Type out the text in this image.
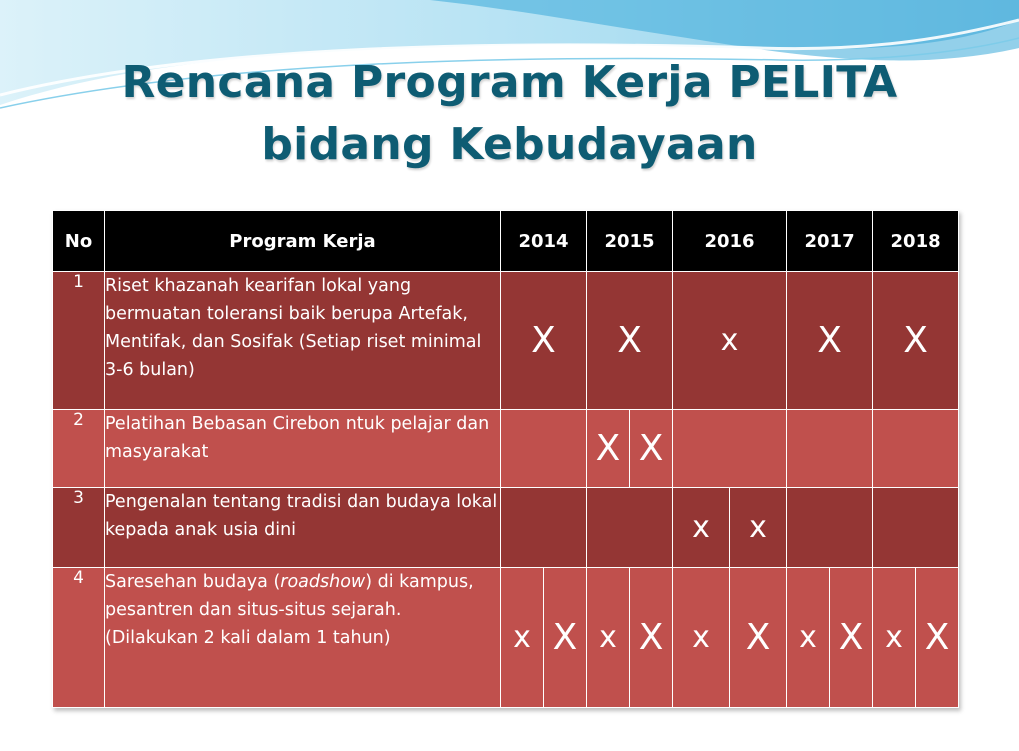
Rencana Program Kerja PELITA
bidang Kebudayaan
No	Program Kerja	2014		2015		2016		2017		2018	
1	Riset khazanah kearifan lokal yang bermuatan toleransi baik berupa Artefak, Mentifak, dan Sosifak (Setiap riset minimal 3-6 bulan)	X		X		x		X		X	
2	Pelatihan Bebasan Cirebon ntuk pelajar dan masyarakat			X	X						
3	Pengenalan tentang tradisi dan budaya lokal kepada anak usia dini					x	x				
4	Saresehan budaya (roadshow) di kampus, pesantren dan situs-situs sejarah. (Dilakukan 2 kali dalam 1 tahun)	x	X	x	X	x	X	x	X	x	X
